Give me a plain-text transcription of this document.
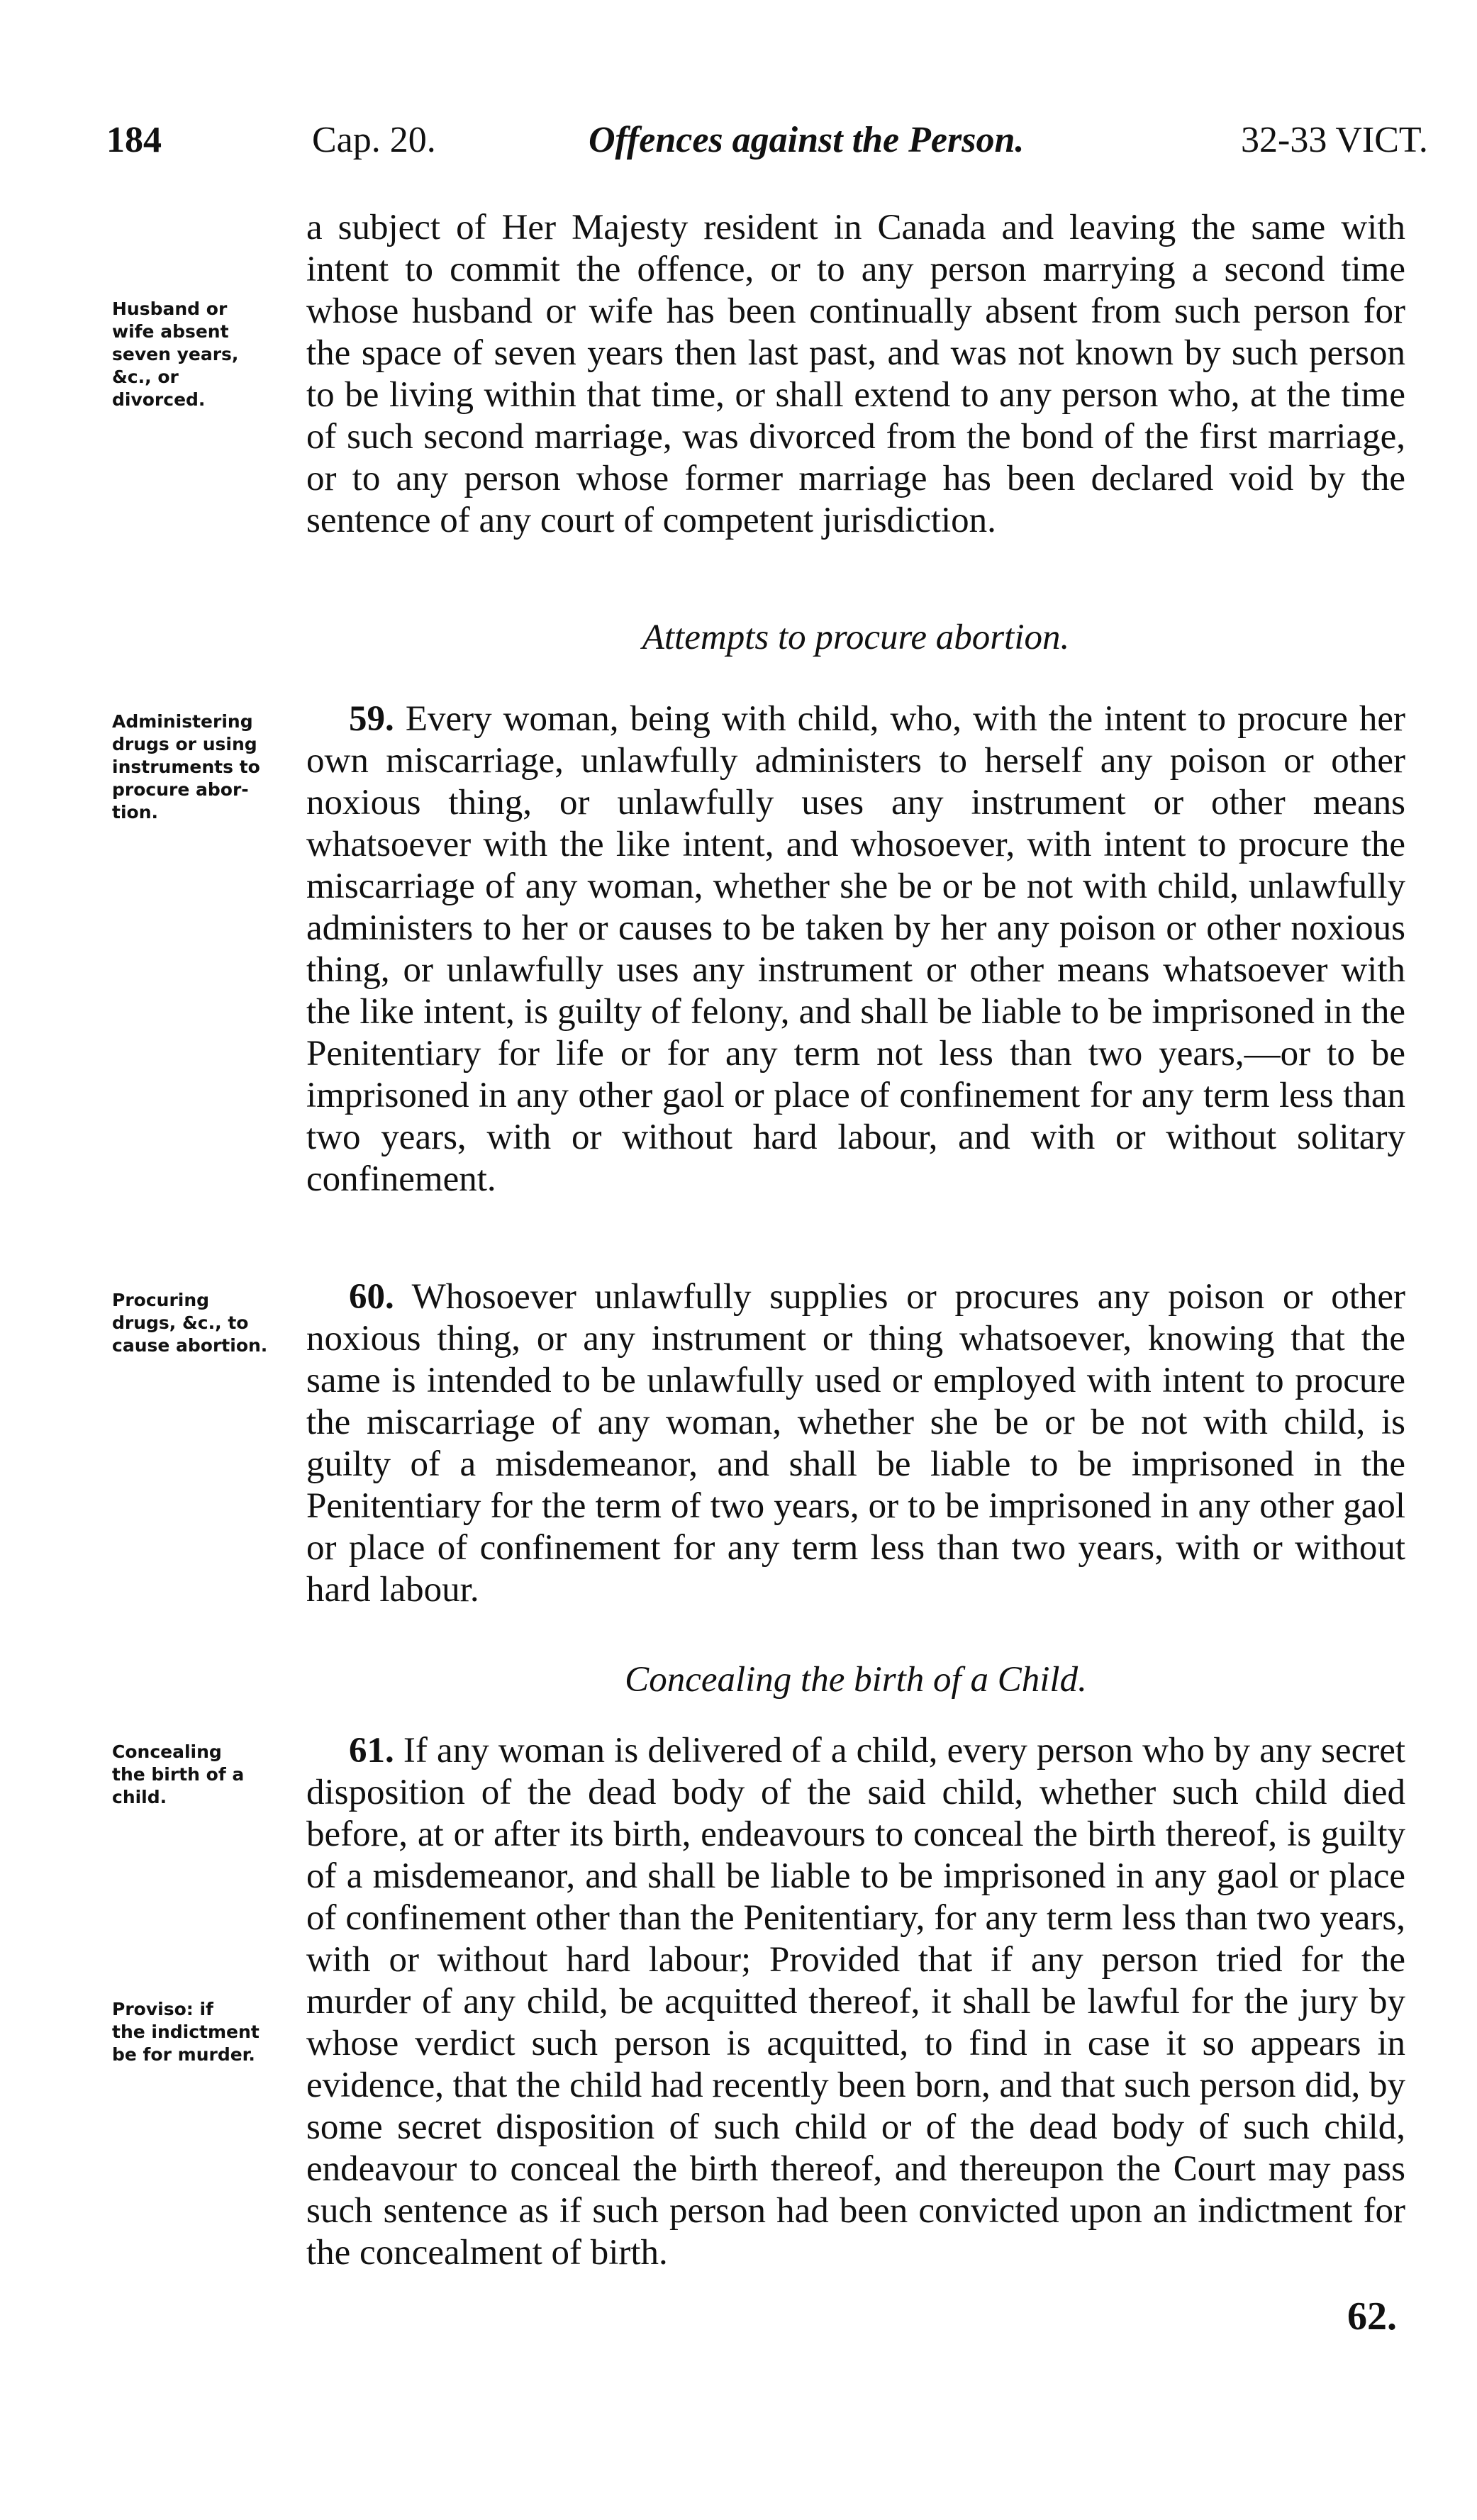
184	Cap. 20.	Offences against the Person.	32-33 VICT.
Husband or
wife absent
seven years,
&c., or
divorced.

a subject of Her Majesty resident in Canada and leaving the same with intent to commit the offence, or to any person marrying a second time whose husband or wife has been continually absent from such person for the space of seven years then last past, and was not known by such person to be living within that time, or shall extend to any person who, at the time of such second marriage, was divorced from the bond of the first marriage, or to any person whose former marriage has been declared void by the sentence of any court of competent jurisdiction.

Attempts to procure abortion.
Administering
drugs or using
instruments to
procure abor-
tion.

59. Every woman, being with child, who, with the intent to procure her own miscarriage, unlawfully administers to herself any poison or other noxious thing, or unlawfully uses any instrument or other means whatsoever with the like intent, and whosoever, with intent to procure the miscarriage of any woman, whether she be or be not with child, unlawfully administers to her or causes to be taken by her any poison or other noxious thing, or unlawfully uses any instrument or other means whatsoever with the like intent, is guilty of felony, and shall be liable to be imprisoned in the Penitentiary for life or for any term not less than two years,—or to be imprisoned in any other gaol or place of confinement for any term less than two years, with or without hard labour, and with or without solitary confinement.

Procuring
drugs, &c., to
cause abortion.

60. Whosoever unlawfully supplies or procures any poison or other noxious thing, or any instrument or thing whatsoever, knowing that the same is intended to be unlawfully used or employed with intent to procure the miscarriage of any woman, whether she be or be not with child, is guilty of a misdemeanor, and shall be liable to be imprisoned in the Penitentiary for the term of two years, or to be imprisoned in any other gaol or place of confinement for any term less than two years, with or without hard labour.

Concealing the birth of a Child.
Concealing
the birth of a
child.
Proviso: if
the indictment
be for murder.

61. If any woman is delivered of a child, every person who by any secret disposition of the dead body of the said child, whether such child died before, at or after its birth, endeavours to conceal the birth thereof, is guilty of a misdemeanor, and shall be liable to be imprisoned in any gaol or place of confinement other than the Penitentiary, for any term less than two years, with or without hard labour; Provided that if any person tried for the murder of any child, be acquitted thereof, it shall be lawful for the jury by whose verdict such person is acquitted, to find in case it so appears in evidence, that the child had recently been born, and that such person did, by some secret disposition of such child or of the dead body of such child, endeavour to conceal the birth thereof, and thereupon the Court may pass such sentence as if such person had been convicted upon an indictment for the concealment of birth.

62.
